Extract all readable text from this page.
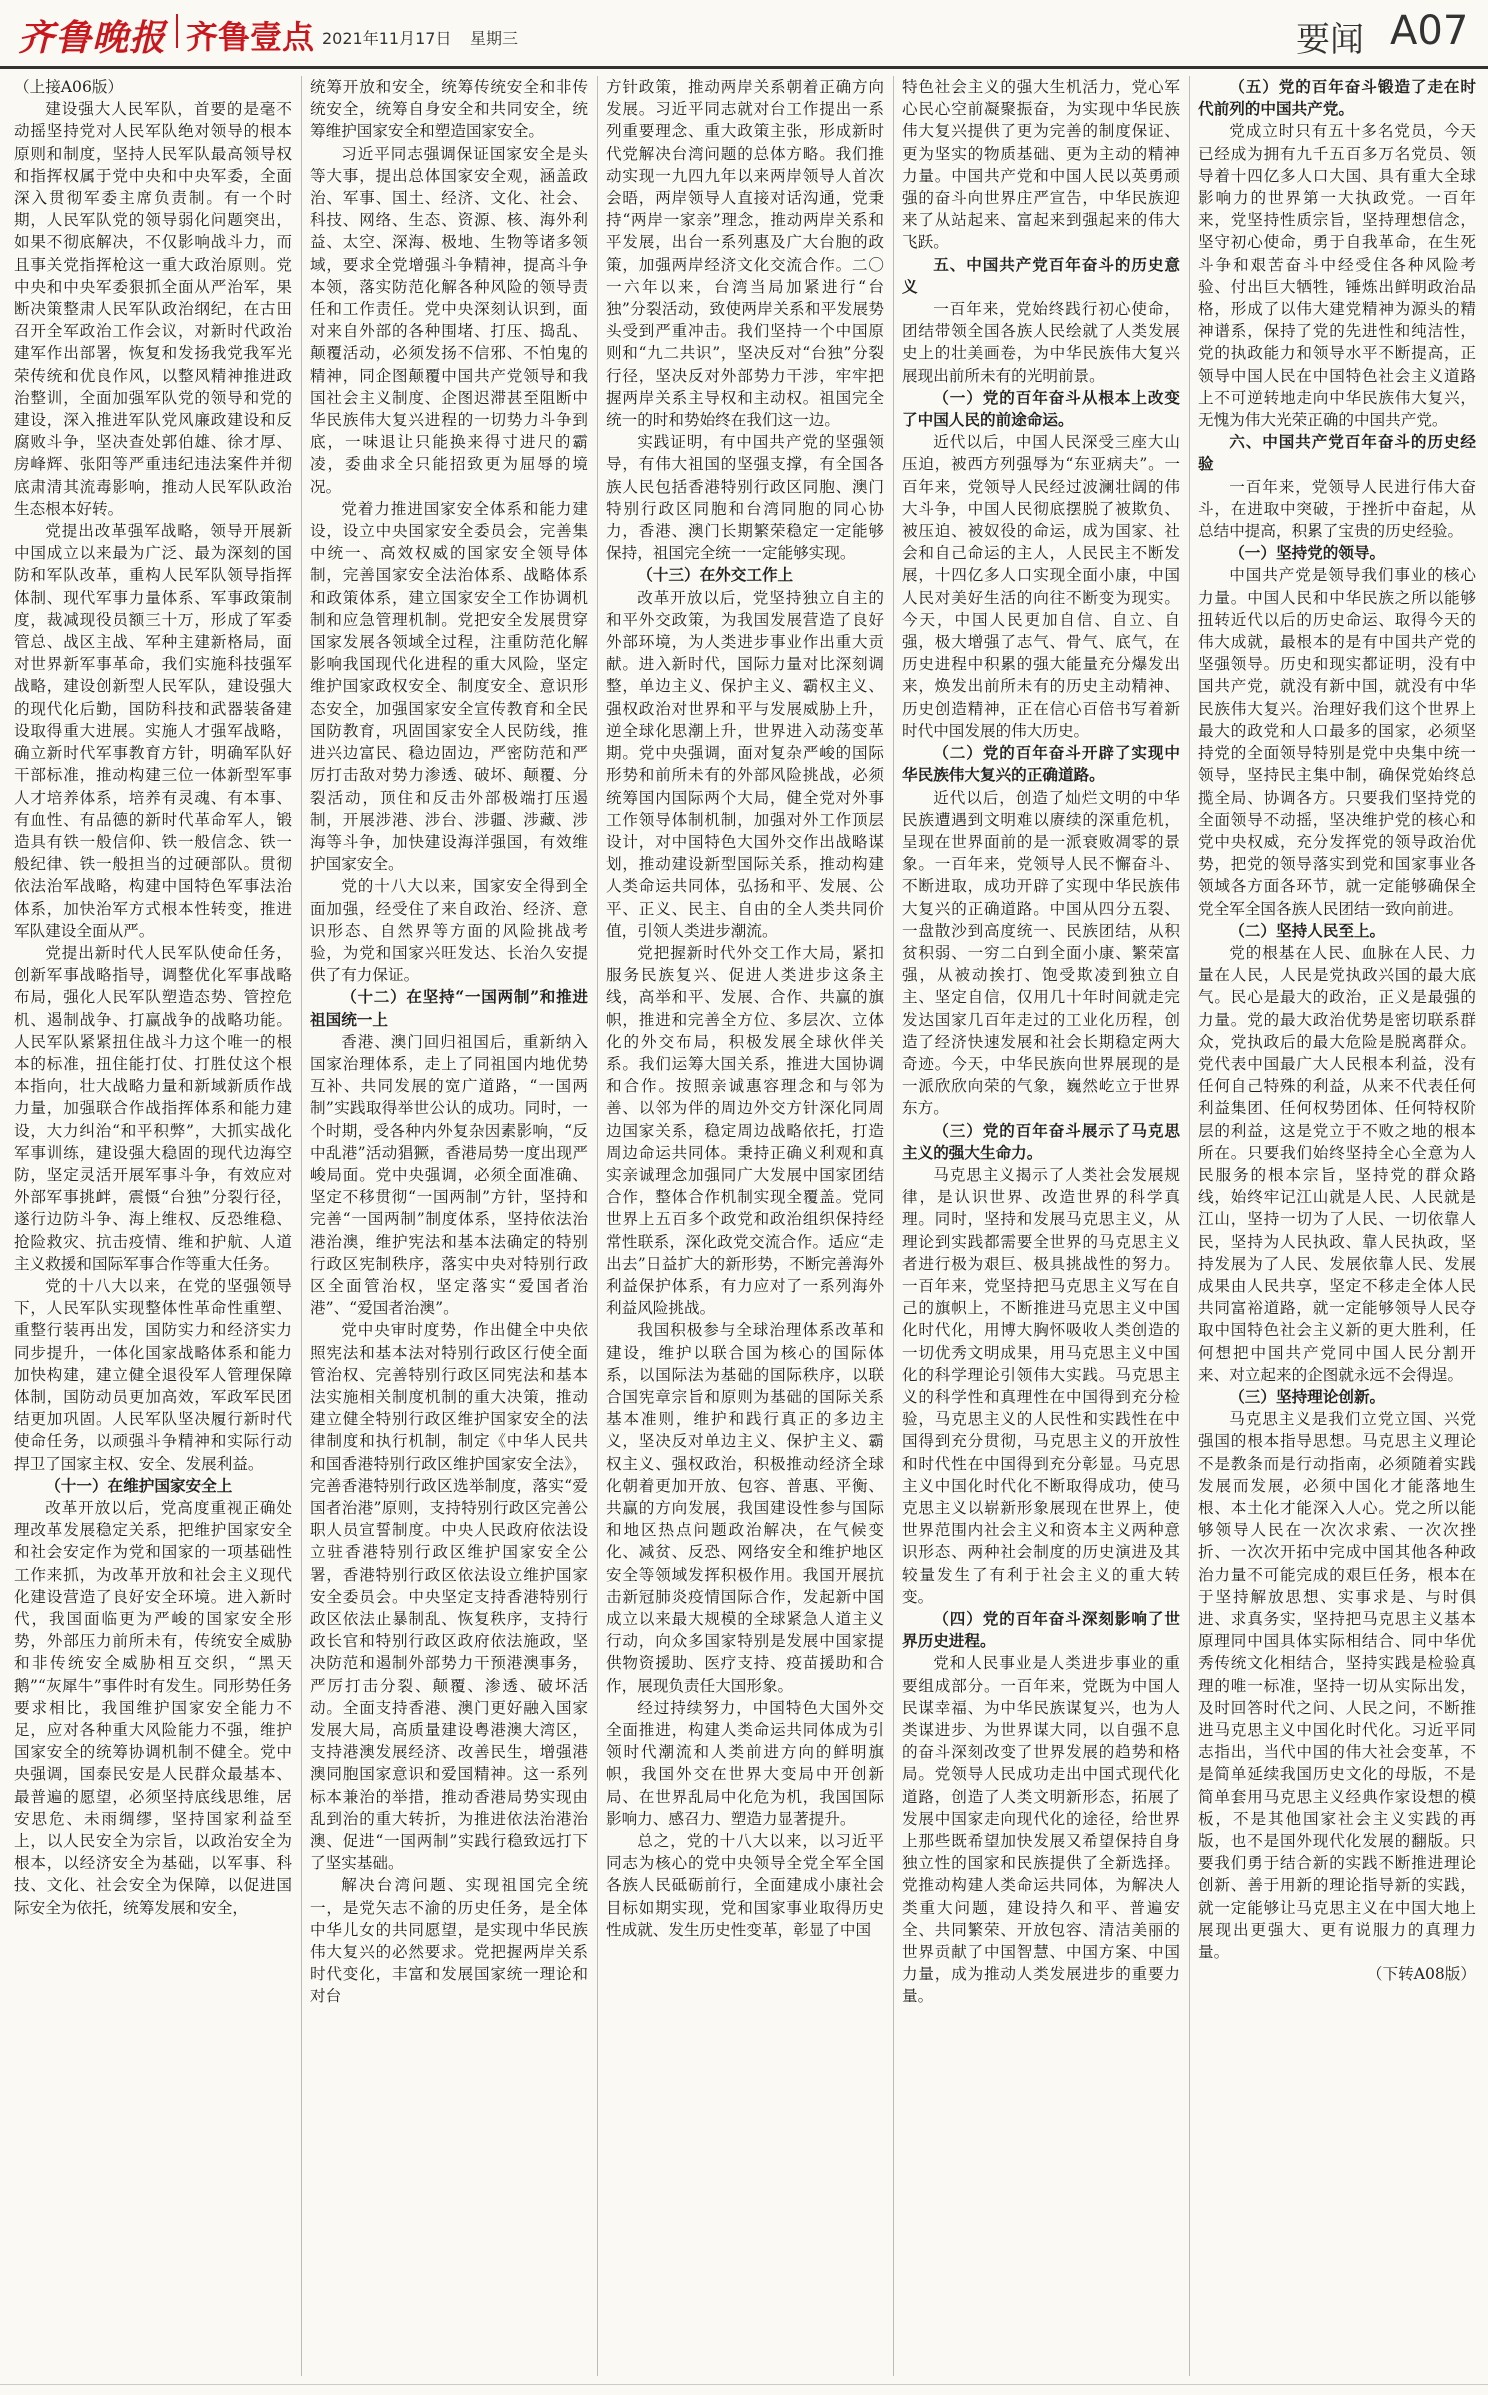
齐鲁晚报 齐鲁壹点 2021年11月17日 星期三	要闻 A07

（上接A06版）

建设强大人民军队，首要的是毫不动摇坚持党对人民军队绝对领导的根本原则和制度，坚持人民军队最高领导权和指挥权属于党中央和中央军委，全面深入贯彻军委主席负责制。有一个时期，人民军队党的领导弱化问题突出，如果不彻底解决，不仅影响战斗力，而且事关党指挥枪这一重大政治原则。党中央和中央军委狠抓全面从严治军，果断决策整肃人民军队政治纲纪，在古田召开全军政治工作会议，对新时代政治建军作出部署，恢复和发扬我党我军光荣传统和优良作风，以整风精神推进政治整训，全面加强军队党的领导和党的建设，深入推进军队党风廉政建设和反腐败斗争，坚决查处郭伯雄、徐才厚、房峰辉、张阳等严重违纪违法案件并彻底肃清其流毒影响，推动人民军队政治生态根本好转。

党提出改革强军战略，领导开展新中国成立以来最为广泛、最为深刻的国防和军队改革，重构人民军队领导指挥体制、现代军事力量体系、军事政策制度，裁减现役员额三十万，形成了军委管总、战区主战、军种主建新格局，面对世界新军事革命，我们实施科技强军战略，建设创新型人民军队，建设强大的现代化后勤，国防科技和武器装备建设取得重大进展。实施人才强军战略，确立新时代军事教育方针，明确军队好干部标准，推动构建三位一体新型军事人才培养体系，培养有灵魂、有本事、有血性、有品德的新时代革命军人，锻造具有铁一般信仰、铁一般信念、铁一般纪律、铁一般担当的过硬部队。贯彻依法治军战略，构建中国特色军事法治体系，加快治军方式根本性转变，推进军队建设全面从严。

党提出新时代人民军队使命任务，创新军事战略指导，调整优化军事战略布局，强化人民军队塑造态势、管控危机、遏制战争、打赢战争的战略功能。人民军队紧紧扭住战斗力这个唯一的根本的标准，扭住能打仗、打胜仗这个根本指向，壮大战略力量和新域新质作战力量，加强联合作战指挥体系和能力建设，大力纠治“和平积弊”，大抓实战化军事训练，建设强大稳固的现代边海空防，坚定灵活开展军事斗争，有效应对外部军事挑衅，震慑“台独”分裂行径，遂行边防斗争、海上维权、反恐维稳、抢险救灾、抗击疫情、维和护航、人道主义救援和国际军事合作等重大任务。

党的十八大以来，在党的坚强领导下，人民军队实现整体性革命性重塑、重整行装再出发，国防实力和经济实力同步提升，一体化国家战略体系和能力加快构建，建立健全退役军人管理保障体制，国防动员更加高效，军政军民团结更加巩固。人民军队坚决履行新时代使命任务，以顽强斗争精神和实际行动捍卫了国家主权、安全、发展利益。

（十一）在维护国家安全上

改革开放以后，党高度重视正确处理改革发展稳定关系，把维护国家安全和社会安定作为党和国家的一项基础性工作来抓，为改革开放和社会主义现代化建设营造了良好安全环境。进入新时代，我国面临更为严峻的国家安全形势，外部压力前所未有，传统安全威胁和非传统安全威胁相互交织，“黑天鹅”“灰犀牛”事件时有发生。同形势任务要求相比，我国维护国家安全能力不足，应对各种重大风险能力不强，维护国家安全的统筹协调机制不健全。党中央强调，国泰民安是人民群众最基本、最普遍的愿望，必须坚持底线思维，居安思危、未雨绸缪，坚持国家利益至上，以人民安全为宗旨，以政治安全为根本，以经济安全为基础，以军事、科技、文化、社会安全为保障，以促进国际安全为依托，统筹发展和安全，

统筹开放和安全，统筹传统安全和非传统安全，统筹自身安全和共同安全，统筹维护国家安全和塑造国家安全。

习近平同志强调保证国家安全是头等大事，提出总体国家安全观，涵盖政治、军事、国土、经济、文化、社会、科技、网络、生态、资源、核、海外利益、太空、深海、极地、生物等诸多领域，要求全党增强斗争精神，提高斗争本领，落实防范化解各种风险的领导责任和工作责任。党中央深刻认识到，面对来自外部的各种围堵、打压、捣乱、颠覆活动，必须发扬不信邪、不怕鬼的精神，同企图颠覆中国共产党领导和我国社会主义制度、企图迟滞甚至阻断中华民族伟大复兴进程的一切势力斗争到底，一味退让只能换来得寸进尺的霸凌，委曲求全只能招致更为屈辱的境况。

党着力推进国家安全体系和能力建设，设立中央国家安全委员会，完善集中统一、高效权威的国家安全领导体制，完善国家安全法治体系、战略体系和政策体系，建立国家安全工作协调机制和应急管理机制。党把安全发展贯穿国家发展各领域全过程，注重防范化解影响我国现代化进程的重大风险，坚定维护国家政权安全、制度安全、意识形态安全，加强国家安全宣传教育和全民国防教育，巩固国家安全人民防线，推进兴边富民、稳边固边，严密防范和严厉打击敌对势力渗透、破坏、颠覆、分裂活动，顶住和反击外部极端打压遏制，开展涉港、涉台、涉疆、涉藏、涉海等斗争，加快建设海洋强国，有效维护国家安全。

党的十八大以来，国家安全得到全面加强，经受住了来自政治、经济、意识形态、自然界等方面的风险挑战考验，为党和国家兴旺发达、长治久安提供了有力保证。

（十二）在坚持“一国两制”和推进祖国统一上

香港、澳门回归祖国后，重新纳入国家治理体系，走上了同祖国内地优势互补、共同发展的宽广道路，“一国两制”实践取得举世公认的成功。同时，一个时期，受各种内外复杂因素影响，“反中乱港”活动猖獗，香港局势一度出现严峻局面。党中央强调，必须全面准确、坚定不移贯彻“一国两制”方针，坚持和完善“一国两制”制度体系，坚持依法治港治澳，维护宪法和基本法确定的特别行政区宪制秩序，落实中央对特别行政区全面管治权，坚定落实“爱国者治港”、“爱国者治澳”。

党中央审时度势，作出健全中央依照宪法和基本法对特别行政区行使全面管治权、完善特别行政区同宪法和基本法实施相关制度机制的重大决策，推动建立健全特别行政区维护国家安全的法律制度和执行机制，制定《中华人民共和国香港特别行政区维护国家安全法》，完善香港特别行政区选举制度，落实“爱国者治港”原则，支持特别行政区完善公职人员宣誓制度。中央人民政府依法设立驻香港特别行政区维护国家安全公署，香港特别行政区依法设立维护国家安全委员会。中央坚定支持香港特别行政区依法止暴制乱、恢复秩序，支持行政长官和特别行政区政府依法施政，坚决防范和遏制外部势力干预港澳事务，严厉打击分裂、颠覆、渗透、破坏活动。全面支持香港、澳门更好融入国家发展大局，高质量建设粤港澳大湾区，支持港澳发展经济、改善民生，增强港澳同胞国家意识和爱国精神。这一系列标本兼治的举措，推动香港局势实现由乱到治的重大转折，为推进依法治港治澳、促进“一国两制”实践行稳致远打下了坚实基础。

解决台湾问题、实现祖国完全统一，是党矢志不渝的历史任务，是全体中华儿女的共同愿望，是实现中华民族伟大复兴的必然要求。党把握两岸关系时代变化，丰富和发展国家统一理论和对台

方针政策，推动两岸关系朝着正确方向发展。习近平同志就对台工作提出一系列重要理念、重大政策主张，形成新时代党解决台湾问题的总体方略。我们推动实现一九四九年以来两岸领导人首次会晤，两岸领导人直接对话沟通，党秉持“两岸一家亲”理念，推动两岸关系和平发展，出台一系列惠及广大台胞的政策，加强两岸经济文化交流合作。二〇一六年以来，台湾当局加紧进行“台独”分裂活动，致使两岸关系和平发展势头受到严重冲击。我们坚持一个中国原则和“九二共识”，坚决反对“台独”分裂行径，坚决反对外部势力干涉，牢牢把握两岸关系主导权和主动权。祖国完全统一的时和势始终在我们这一边。

实践证明，有中国共产党的坚强领导，有伟大祖国的坚强支撑，有全国各族人民包括香港特别行政区同胞、澳门特别行政区同胞和台湾同胞的同心协力，香港、澳门长期繁荣稳定一定能够保持，祖国完全统一一定能够实现。

（十三）在外交工作上

改革开放以后，党坚持独立自主的和平外交政策，为我国发展营造了良好外部环境，为人类进步事业作出重大贡献。进入新时代，国际力量对比深刻调整，单边主义、保护主义、霸权主义、强权政治对世界和平与发展威胁上升，逆全球化思潮上升，世界进入动荡变革期。党中央强调，面对复杂严峻的国际形势和前所未有的外部风险挑战，必须统筹国内国际两个大局，健全党对外事工作领导体制机制，加强对外工作顶层设计，对中国特色大国外交作出战略谋划，推动建设新型国际关系，推动构建人类命运共同体，弘扬和平、发展、公平、正义、民主、自由的全人类共同价值，引领人类进步潮流。

党把握新时代外交工作大局，紧扣服务民族复兴、促进人类进步这条主线，高举和平、发展、合作、共赢的旗帜，推进和完善全方位、多层次、立体化的外交布局，积极发展全球伙伴关系。我们运筹大国关系，推进大国协调和合作。按照亲诚惠容理念和与邻为善、以邻为伴的周边外交方针深化同周边国家关系，稳定周边战略依托，打造周边命运共同体。秉持正确义利观和真实亲诚理念加强同广大发展中国家团结合作，整体合作机制实现全覆盖。党同世界上五百多个政党和政治组织保持经常性联系，深化政党交流合作。适应“走出去”日益扩大的新形势，不断完善海外利益保护体系，有力应对了一系列海外利益风险挑战。

我国积极参与全球治理体系改革和建设，维护以联合国为核心的国际体系，以国际法为基础的国际秩序，以联合国宪章宗旨和原则为基础的国际关系基本准则，维护和践行真正的多边主义，坚决反对单边主义、保护主义、霸权主义、强权政治，积极推动经济全球化朝着更加开放、包容、普惠、平衡、共赢的方向发展，我国建设性参与国际和地区热点问题政治解决，在气候变化、减贫、反恐、网络安全和维护地区安全等领域发挥积极作用。我国开展抗击新冠肺炎疫情国际合作，发起新中国成立以来最大规模的全球紧急人道主义行动，向众多国家特别是发展中国家提供物资援助、医疗支持、疫苗援助和合作，展现负责任大国形象。

经过持续努力，中国特色大国外交全面推进，构建人类命运共同体成为引领时代潮流和人类前进方向的鲜明旗帜，我国外交在世界大变局中开创新局、在世界乱局中化危为机，我国国际影响力、感召力、塑造力显著提升。

总之，党的十八大以来，以习近平同志为核心的党中央领导全党全军全国各族人民砥砺前行，全面建成小康社会目标如期实现，党和国家事业取得历史性成就、发生历史性变革，彰显了中国

特色社会主义的强大生机活力，党心军心民心空前凝聚振奋，为实现中华民族伟大复兴提供了更为完善的制度保证、更为坚实的物质基础、更为主动的精神力量。中国共产党和中国人民以英勇顽强的奋斗向世界庄严宣告，中华民族迎来了从站起来、富起来到强起来的伟大飞跃。

五、中国共产党百年奋斗的历史意义

一百年来，党始终践行初心使命，团结带领全国各族人民绘就了人类发展史上的壮美画卷，为中华民族伟大复兴展现出前所未有的光明前景。

（一）党的百年奋斗从根本上改变了中国人民的前途命运。

近代以后，中国人民深受三座大山压迫，被西方列强辱为“东亚病夫”。一百年来，党领导人民经过波澜壮阔的伟大斗争，中国人民彻底摆脱了被欺负、被压迫、被奴役的命运，成为国家、社会和自己命运的主人，人民民主不断发展，十四亿多人口实现全面小康，中国人民对美好生活的向往不断变为现实。今天，中国人民更加自信、自立、自强，极大增强了志气、骨气、底气，在历史进程中积累的强大能量充分爆发出来，焕发出前所未有的历史主动精神、历史创造精神，正在信心百倍书写着新时代中国发展的伟大历史。

（二）党的百年奋斗开辟了实现中华民族伟大复兴的正确道路。

近代以后，创造了灿烂文明的中华民族遭遇到文明难以赓续的深重危机，呈现在世界面前的是一派衰败凋零的景象。一百年来，党领导人民不懈奋斗、不断进取，成功开辟了实现中华民族伟大复兴的正确道路。中国从四分五裂、一盘散沙到高度统一、民族团结，从积贫积弱、一穷二白到全面小康、繁荣富强，从被动挨打、饱受欺凌到独立自主、坚定自信，仅用几十年时间就走完发达国家几百年走过的工业化历程，创造了经济快速发展和社会长期稳定两大奇迹。今天，中华民族向世界展现的是一派欣欣向荣的气象，巍然屹立于世界东方。

（三）党的百年奋斗展示了马克思主义的强大生命力。

马克思主义揭示了人类社会发展规律，是认识世界、改造世界的科学真理。同时，坚持和发展马克思主义，从理论到实践都需要全世界的马克思主义者进行极为艰巨、极具挑战性的努力。一百年来，党坚持把马克思主义写在自己的旗帜上，不断推进马克思主义中国化时代化，用博大胸怀吸收人类创造的一切优秀文明成果，用马克思主义中国化的科学理论引领伟大实践。马克思主义的科学性和真理性在中国得到充分检验，马克思主义的人民性和实践性在中国得到充分贯彻，马克思主义的开放性和时代性在中国得到充分彰显。马克思主义中国化时代化不断取得成功，使马克思主义以崭新形象展现在世界上，使世界范围内社会主义和资本主义两种意识形态、两种社会制度的历史演进及其较量发生了有利于社会主义的重大转变。

（四）党的百年奋斗深刻影响了世界历史进程。

党和人民事业是人类进步事业的重要组成部分。一百年来，党既为中国人民谋幸福、为中华民族谋复兴，也为人类谋进步、为世界谋大同，以自强不息的奋斗深刻改变了世界发展的趋势和格局。党领导人民成功走出中国式现代化道路，创造了人类文明新形态，拓展了发展中国家走向现代化的途径，给世界上那些既希望加快发展又希望保持自身独立性的国家和民族提供了全新选择。党推动构建人类命运共同体，为解决人类重大问题，建设持久和平、普遍安全、共同繁荣、开放包容、清洁美丽的世界贡献了中国智慧、中国方案、中国力量，成为推动人类发展进步的重要力量。

（五）党的百年奋斗锻造了走在时代前列的中国共产党。

党成立时只有五十多名党员，今天已经成为拥有九千五百多万名党员、领导着十四亿多人口大国、具有重大全球影响力的世界第一大执政党。一百年来，党坚持性质宗旨，坚持理想信念，坚守初心使命，勇于自我革命，在生死斗争和艰苦奋斗中经受住各种风险考验、付出巨大牺牲，锤炼出鲜明政治品格，形成了以伟大建党精神为源头的精神谱系，保持了党的先进性和纯洁性，党的执政能力和领导水平不断提高，正领导中国人民在中国特色社会主义道路上不可逆转地走向中华民族伟大复兴，无愧为伟大光荣正确的中国共产党。

六、中国共产党百年奋斗的历史经验

一百年来，党领导人民进行伟大奋斗，在进取中突破，于挫折中奋起，从总结中提高，积累了宝贵的历史经验。

（一）坚持党的领导。

中国共产党是领导我们事业的核心力量。中国人民和中华民族之所以能够扭转近代以后的历史命运、取得今天的伟大成就，最根本的是有中国共产党的坚强领导。历史和现实都证明，没有中国共产党，就没有新中国，就没有中华民族伟大复兴。治理好我们这个世界上最大的政党和人口最多的国家，必须坚持党的全面领导特别是党中央集中统一领导，坚持民主集中制，确保党始终总揽全局、协调各方。只要我们坚持党的全面领导不动摇，坚决维护党的核心和党中央权威，充分发挥党的领导政治优势，把党的领导落实到党和国家事业各领域各方面各环节，就一定能够确保全党全军全国各族人民团结一致向前进。

（二）坚持人民至上。

党的根基在人民、血脉在人民、力量在人民，人民是党执政兴国的最大底气。民心是最大的政治，正义是最强的力量。党的最大政治优势是密切联系群众，党执政后的最大危险是脱离群众。党代表中国最广大人民根本利益，没有任何自己特殊的利益，从来不代表任何利益集团、任何权势团体、任何特权阶层的利益，这是党立于不败之地的根本所在。只要我们始终坚持全心全意为人民服务的根本宗旨，坚持党的群众路线，始终牢记江山就是人民、人民就是江山，坚持一切为了人民、一切依靠人民，坚持为人民执政、靠人民执政，坚持发展为了人民、发展依靠人民、发展成果由人民共享，坚定不移走全体人民共同富裕道路，就一定能够领导人民夺取中国特色社会主义新的更大胜利，任何想把中国共产党同中国人民分割开来、对立起来的企图就永远不会得逞。

（三）坚持理论创新。

马克思主义是我们立党立国、兴党强国的根本指导思想。马克思主义理论不是教条而是行动指南，必须随着实践发展而发展，必须中国化才能落地生根、本土化才能深入人心。党之所以能够领导人民在一次次求索、一次次挫折、一次次开拓中完成中国其他各种政治力量不可能完成的艰巨任务，根本在于坚持解放思想、实事求是、与时俱进、求真务实，坚持把马克思主义基本原理同中国具体实际相结合、同中华优秀传统文化相结合，坚持实践是检验真理的唯一标准，坚持一切从实际出发，及时回答时代之问、人民之问，不断推进马克思主义中国化时代化。习近平同志指出，当代中国的伟大社会变革，不是简单延续我国历史文化的母版，不是简单套用马克思主义经典作家设想的模板，不是其他国家社会主义实践的再版，也不是国外现代化发展的翻版。只要我们勇于结合新的实践不断推进理论创新、善于用新的理论指导新的实践，就一定能够让马克思主义在中国大地上展现出更强大、更有说服力的真理力量。

（下转A08版）
